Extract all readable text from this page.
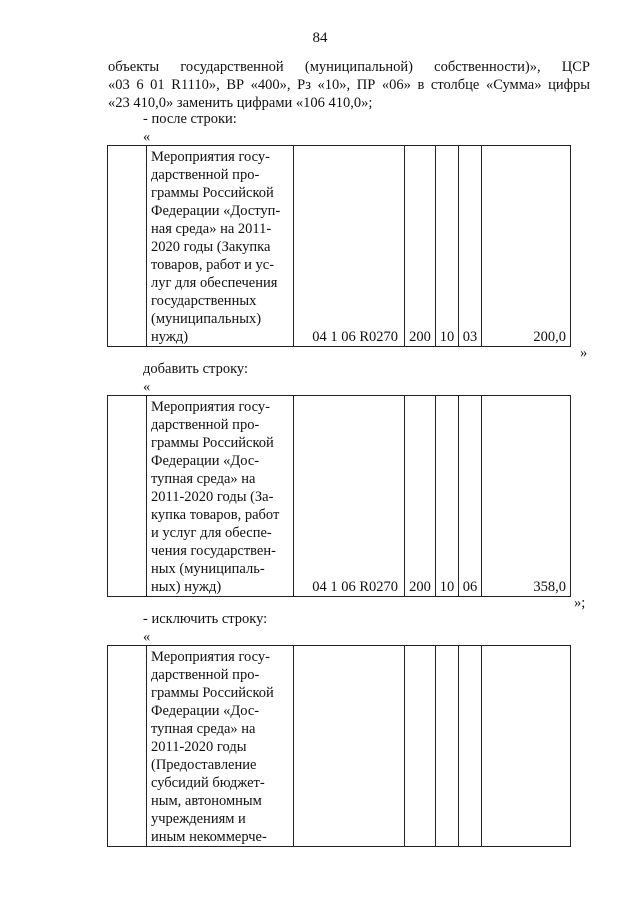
84
объекты государственной (муниципальной) собственности)», ЦСР
«03 6 01 R1110», ВР «400», Рз «10», ПР «06» в столбце «Сумма» цифры
«23 410,0» заменить цифрами «106 410,0»;
- после строки:
«

Мероприятия госу-
дарственной про-
граммы Российской
Федерации «Доступ-
ная среда» на 2011-
2020 годы (Закупка
товаров, работ и ус-
луг для обеспечения
государственных
(муниципальных)
нужд)	04 1 06 R0270	200	10	03	200,0
»
добавить строку:
«

Мероприятия госу-
дарственной про-
граммы Российской
Федерации «Дос-
тупная среда» на
2011-2020 годы (За-
купка товаров, работ
и услуг для обеспе-
чения государствен-
ных (муниципаль-
ных) нужд)	04 1 06 R0270	200	10	06	358,0
»;
- исключить строку:
«

Мероприятия госу-
дарственной про-
граммы Российской
Федерации «Дос-
тупная среда» на
2011-2020 годы
(Предоставление
субсидий бюджет-
ным, автономным
учреждениям и
иным некоммерче-
